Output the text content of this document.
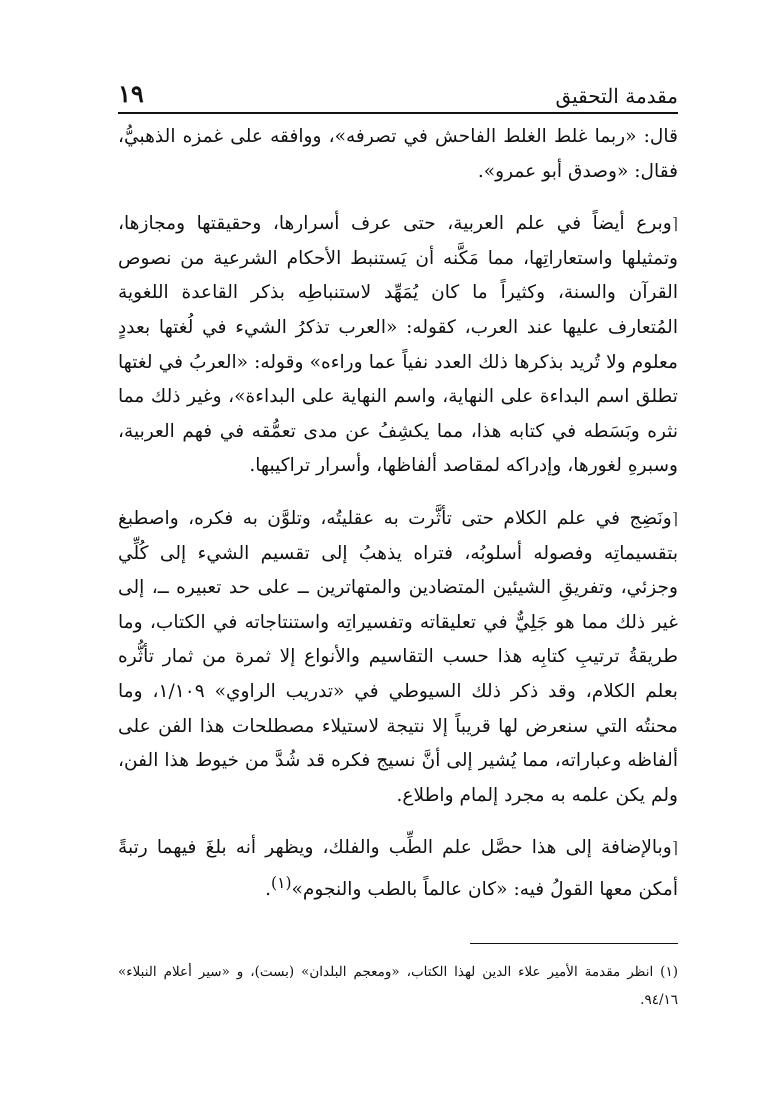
١٩	مقدمة التحقيق

قال: «ربما غلط الغلط الفاحش في تصرفه»، ووافقه على غمزه الذهبيُّ، فقال: «وصدق أبو عمرو».

⌈وبرع أيضاً في علم العربية، حتى عرف أسرارها، وحقيقتها ومجازها، وتمثيلها واستعاراتِها، مما مَكَّنه أن يَستنبط الأحكام الشرعية من نصوص القرآن والسنة، وكثيراً ما كان يُمَهِّد لاستنباطِه بذكر القاعدة اللغوية المُتعارف عليها عند العرب، كقوله: «العرب تذكرُ الشيء في لُغتها بعددٍ معلوم ولا تُريد بذكرها ذلك العدد نفياً عما وراءه» وقوله: «العربُ في لغتها تطلق اسم البداءة على النهاية، واسم النهاية على البداءة»، وغير ذلك مما نثره وبَسَطه في كتابه هذا، مما يكشِفُ عن مدى تعمُّقه في فهم العربية، وسبرهِ لغورها، وإدراكه لمقاصد ألفاظها، وأسرار تراكيبها.

⌈ونَضِج في علم الكلام حتى تأثَّرت به عقليتُه، وتلوَّن به فكره، واصطبغ بتقسيماتِه وفصوله أسلوبُه، فتراه يذهبُ إلى تقسيم الشيء إلى كُلِّي وجزئي، وتفريقِ الشيئين المتضادين والمتهاترين ــ على حد تعبيره ــ، إلى غير ذلك مما هو جَلِيٌّ في تعليقاته وتفسيراتِه واستنتاجاته في الكتاب، وما طريقةُ ترتيبِ كتابِه هذا حسب التقاسيم والأنواع إلا ثمرة من ثمار تأثُّره بعلم الكلام، وقد ذكر ذلك السيوطي في «تدريب الراوي» ١/١٠٩، وما محنتُه التي سنعرض لها قريباً إلا نتيجة لاستيلاء مصطلحات هذا الفن على ألفاظه وعباراته، مما يُشير إلى أنَّ نسيج فكره قد شُدَّ من خيوط هذا الفن، ولم يكن علمه به مجرد إلمام واطلاع.

⌈وبالإضافة إلى هذا حصَّل علم الطِّب والفلك، ويظهر أنه بلغَ فيهما رتبةً أمكن معها القولُ فيه: «كان عالماً بالطب والنجوم»$^{(١)}$.

(١) انظر مقدمة الأمير علاء الدين لهذا الكتاب، «ومعجم البلدان» (بست)، و «سير أعلام النبلاء» ٩٤/١٦.
